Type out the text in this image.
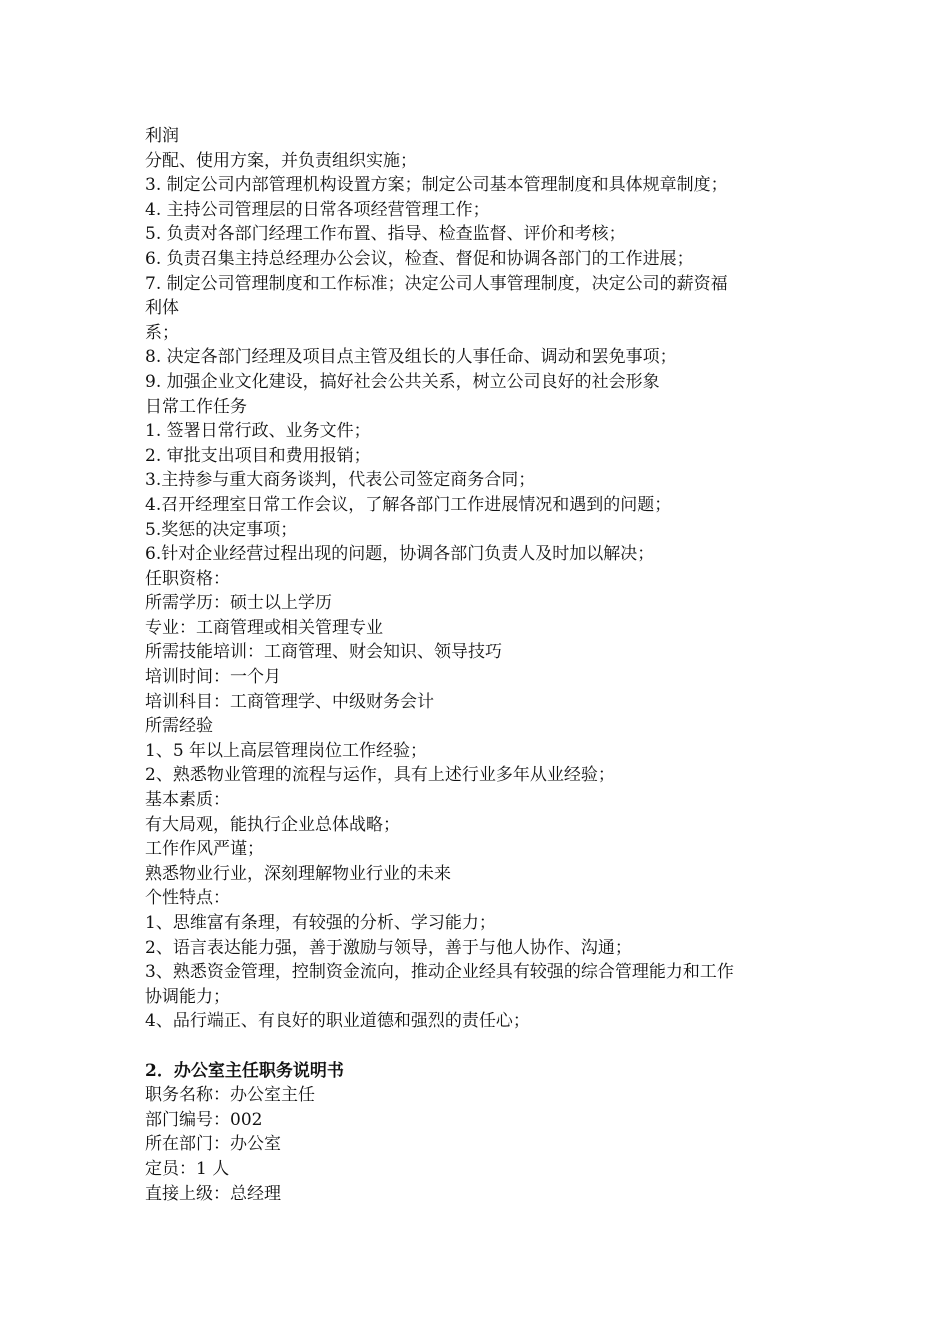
利润

分配、使用方案，并负责组织实施；

3. 制定公司内部管理机构设置方案；制定公司基本管理制度和具体规章制度；

4. 主持公司管理层的日常各项经营管理工作；

5. 负责对各部门经理工作布置、指导、检查监督、评价和考核；

6. 负责召集主持总经理办公会议，检查、督促和协调各部门的工作进展；

7. 制定公司管理制度和工作标准；决定公司人事管理制度，决定公司的薪资福

利体

系；

8. 决定各部门经理及项目点主管及组长的人事任命、调动和罢免事项；

9. 加强企业文化建设，搞好社会公共关系，树立公司良好的社会形象

日常工作任务

1. 签署日常行政、业务文件；

2. 审批支出项目和费用报销；

3.主持参与重大商务谈判，代表公司签定商务合同；

4.召开经理室日常工作会议，了解各部门工作进展情况和遇到的问题；

5.奖惩的决定事项；

6.针对企业经营过程出现的问题，协调各部门负责人及时加以解决；

任职资格：

所需学历：硕士以上学历

专业：工商管理或相关管理专业

所需技能培训：工商管理、财会知识、领导技巧

培训时间：一个月

培训科目：工商管理学、中级财务会计

所需经验

1、5 年以上高层管理岗位工作经验；

2、熟悉物业管理的流程与运作，具有上述行业多年从业经验；

基本素质：

有大局观，能执行企业总体战略；

工作作风严谨；

熟悉物业行业，深刻理解物业行业的未来

个性特点：

1、思维富有条理，有较强的分析、学习能力；

2、语言表达能力强，善于激励与领导，善于与他人协作、沟通；

3、熟悉资金管理，控制资金流向，推动企业经具有较强的综合管理能力和工作

协调能力；

4、品行端正、有良好的职业道德和强烈的责任心；

2．办公室主任职务说明书

职务名称：办公室主任

部门编号：002

所在部门：办公室

定员：1 人

直接上级：总经理
